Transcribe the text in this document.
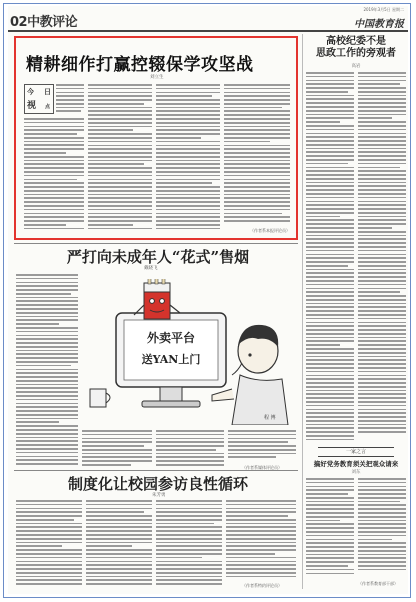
02中教评论
2019年3月5日 星期二
中国教育报
精耕细作打赢控辍保学攻坚战
刘立生
今 日
视 点
（作者系本报评论员）
高校纪委不是
思政工作的旁观者
高岩
一家之言
搞好党务教育须关把观众请来
刘东
（作者系教育部干部）
严打向未成年人“花式”售烟
戴晓飞
外卖平台
送YAN上门
程 博
（作者系媒体评论员）
制度化让校园参访良性循环
朱芳勇
（作者系特约评论员）
